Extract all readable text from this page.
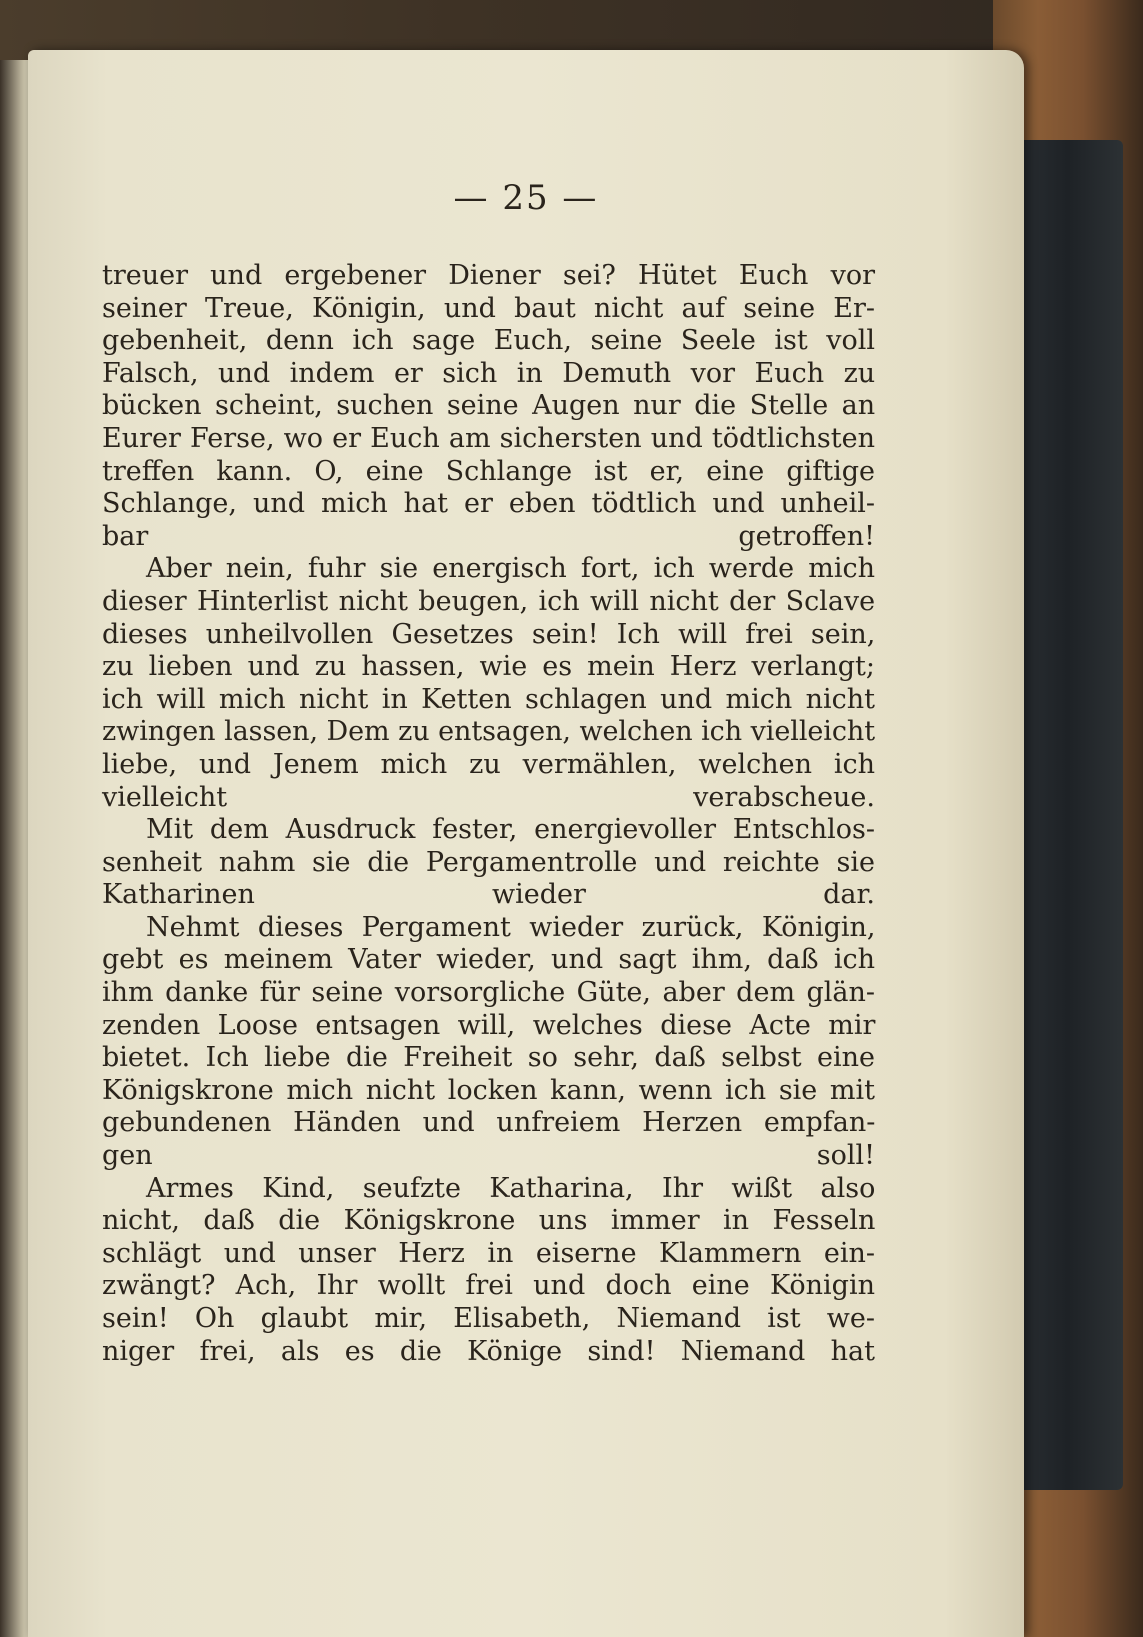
— 25 —
treuer und ergebener Diener sei? Hütet Euch vor
seiner Treue, Königin, und baut nicht auf seine Er-
gebenheit, denn ich sage Euch, seine Seele ist voll
Falsch, und indem er sich in Demuth vor Euch zu
bücken scheint, suchen seine Augen nur die Stelle an
Eurer Ferse, wo er Euch am sichersten und tödtlichsten
treffen kann. O, eine Schlange ist er, eine giftige
Schlange, und mich hat er eben tödtlich und unheil-
bar getroffen!
Aber nein, fuhr sie energisch fort, ich werde mich
dieser Hinterlist nicht beugen, ich will nicht der Sclave
dieses unheilvollen Gesetzes sein! Ich will frei sein,
zu lieben und zu hassen, wie es mein Herz verlangt;
ich will mich nicht in Ketten schlagen und mich nicht
zwingen lassen, Dem zu entsagen, welchen ich vielleicht
liebe, und Jenem mich zu vermählen, welchen ich
vielleicht verabscheue.
Mit dem Ausdruck fester, energievoller Entschlos-
senheit nahm sie die Pergamentrolle und reichte sie
Katharinen wieder dar.
Nehmt dieses Pergament wieder zurück, Königin,
gebt es meinem Vater wieder, und sagt ihm, daß ich
ihm danke für seine vorsorgliche Güte, aber dem glän-
zenden Loose entsagen will, welches diese Acte mir
bietet. Ich liebe die Freiheit so sehr, daß selbst eine
Königskrone mich nicht locken kann, wenn ich sie mit
gebundenen Händen und unfreiem Herzen empfan-
gen soll!
Armes Kind, seufzte Katharina, Ihr wißt also
nicht, daß die Königskrone uns immer in Fesseln
schlägt und unser Herz in eiserne Klammern ein-
zwängt? Ach, Ihr wollt frei und doch eine Königin
sein! Oh glaubt mir, Elisabeth, Niemand ist we-
niger frei, als es die Könige sind! Niemand hat
